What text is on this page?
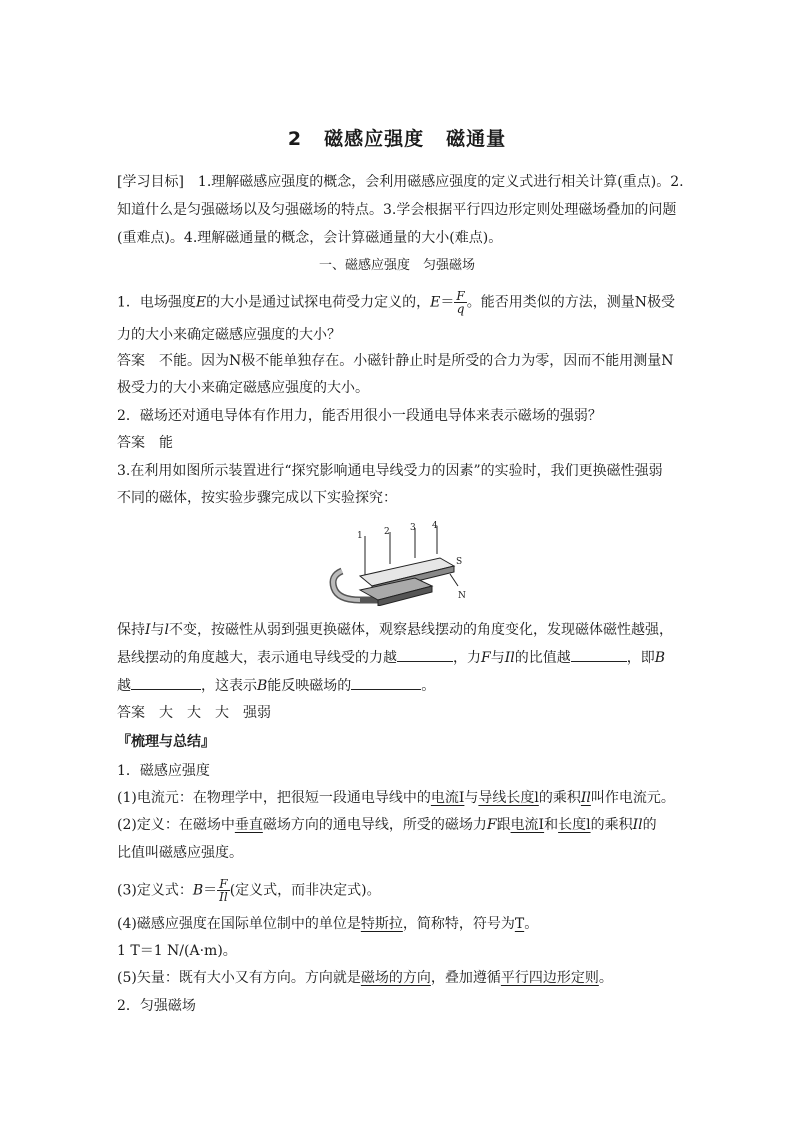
2 磁感应强度 磁通量
[学习目标]　1.理解磁感应强度的概念，会利用磁感应强度的定义式进行相关计算(重点)。2.
知道什么是匀强磁场以及匀强磁场的特点。3.学会根据平行四边形定则处理磁场叠加的问题
(重难点)。4.理解磁通量的概念，会计算磁通量的大小(难点)。
一、磁感应强度　匀强磁场
1．电场强度E的大小是通过试探电荷受力定义的，$E= \frac{F}{q}$ 。能否用类似的方法，测量N极受
力的大小来确定磁感应强度的大小？
答案　不能。因为N极不能单独存在。小磁针静止时是所受的合力为零，因而不能用测量N
极受力的大小来确定磁感应强度的大小。
2．磁场还对通电导体有作用力，能否用很小一段通电导体来表示磁场的强弱？
答案　能
3.在利用如图所示装置进行“探究影响通电导线受力的因素”的实验时，我们更换磁性强弱
不同的磁体，按实验步骤完成以下实验探究：
1 2 3 4
S
N
保持I与l不变，按磁性从弱到强更换磁体，观察悬线摆动的角度变化，发现磁体磁性越强，
悬线摆动的角度越大，表示通电导线受的力越	，力F与Il的比值越	，即B
越	，这表示B能反映磁场的	。
答案　大　大　大　强弱
『梳理与总结』
1．磁感应强度
(1)电流元：在物理学中，把很短一段通电导线中的电流I与导线长度l的乘积Il叫作电流元。
(2)定义：在磁场中垂直磁场方向的通电导线，所受的磁场力F跟电流I和长度l的乘积Il的
比值叫磁感应强度。
(3)定义式：$B= \frac{F}{Il}$ (定义式，而非决定式)。
(4)磁感应强度在国际单位制中的单位是特斯拉，简称特，符号为T。
1 T＝1 N/(A·m)。
(5)矢量：既有大小又有方向。方向就是磁场的方向，叠加遵循平行四边形定则。
2．匀强磁场
